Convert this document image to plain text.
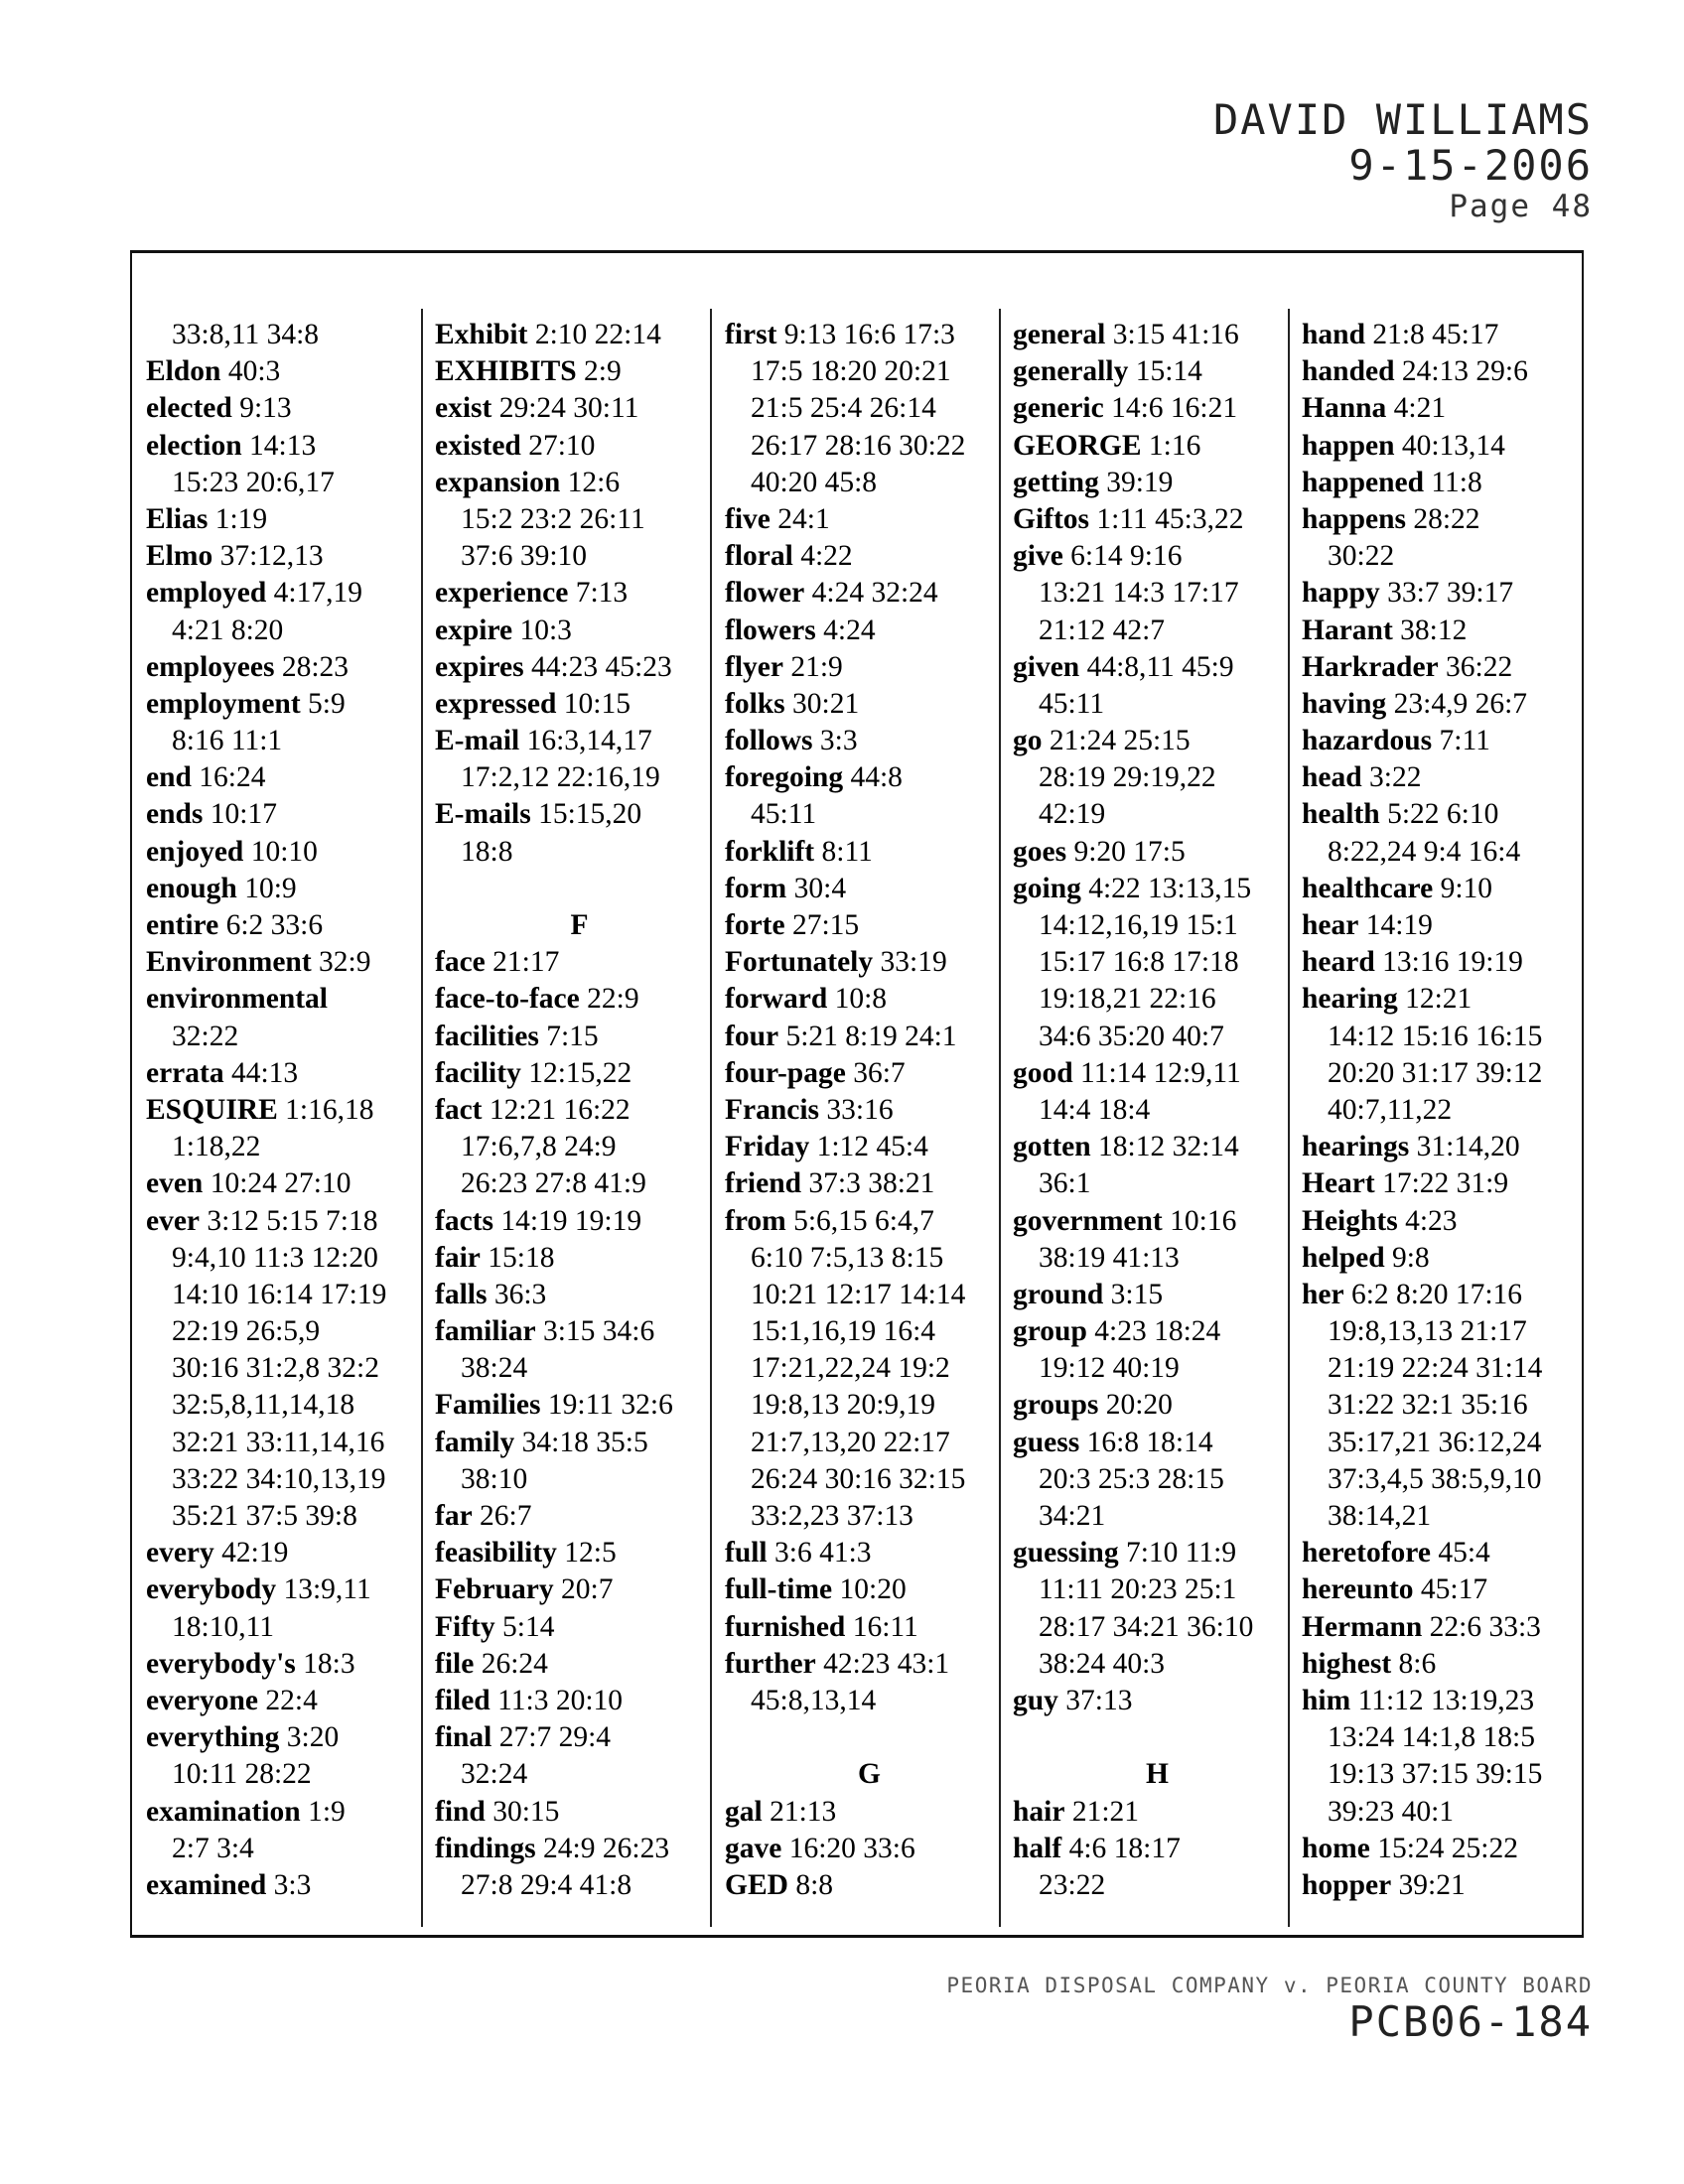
DAVID WILLIAMS
9-15-2006
Page 48
33:8,11 34:8
Eldon 40:3
elected 9:13
election 14:13
15:23 20:6,17
Elias 1:19
Elmo 37:12,13
employed 4:17,19
4:21 8:20
employees 28:23
employment 5:9
8:16 11:1
end 16:24
ends 10:17
enjoyed 10:10
enough 10:9
entire 6:2 33:6
Environment 32:9
environmental
32:22
errata 44:13
ESQUIRE 1:16,18
1:18,22
even 10:24 27:10
ever 3:12 5:15 7:18
9:4,10 11:3 12:20
14:10 16:14 17:19
22:19 26:5,9
30:16 31:2,8 32:2
32:5,8,11,14,18
32:21 33:11,14,16
33:22 34:10,13,19
35:21 37:5 39:8
every 42:19
everybody 13:9,11
18:10,11
everybody's 18:3
everyone 22:4
everything 3:20
10:11 28:22
examination 1:9
2:7 3:4
examined 3:3
Exhibit 2:10 22:14
EXHIBITS 2:9
exist 29:24 30:11
existed 27:10
expansion 12:6
15:2 23:2 26:11
37:6 39:10
experience 7:13
expire 10:3
expires 44:23 45:23
expressed 10:15
E-mail 16:3,14,17
17:2,12 22:16,19
E-mails 15:15,20
18:8
F
face 21:17
face-to-face 22:9
facilities 7:15
facility 12:15,22
fact 12:21 16:22
17:6,7,8 24:9
26:23 27:8 41:9
facts 14:19 19:19
fair 15:18
falls 36:3
familiar 3:15 34:6
38:24
Families 19:11 32:6
family 34:18 35:5
38:10
far 26:7
feasibility 12:5
February 20:7
Fifty 5:14
file 26:24
filed 11:3 20:10
final 27:7 29:4
32:24
find 30:15
findings 24:9 26:23
27:8 29:4 41:8
first 9:13 16:6 17:3
17:5 18:20 20:21
21:5 25:4 26:14
26:17 28:16 30:22
40:20 45:8
five 24:1
floral 4:22
flower 4:24 32:24
flowers 4:24
flyer 21:9
folks 30:21
follows 3:3
foregoing 44:8
45:11
forklift 8:11
form 30:4
forte 27:15
Fortunately 33:19
forward 10:8
four 5:21 8:19 24:1
four-page 36:7
Francis 33:16
Friday 1:12 45:4
friend 37:3 38:21
from 5:6,15 6:4,7
6:10 7:5,13 8:15
10:21 12:17 14:14
15:1,16,19 16:4
17:21,22,24 19:2
19:8,13 20:9,19
21:7,13,20 22:17
26:24 30:16 32:15
33:2,23 37:13
full 3:6 41:3
full-time 10:20
furnished 16:11
further 42:23 43:1
45:8,13,14
G
gal 21:13
gave 16:20 33:6
GED 8:8
general 3:15 41:16
generally 15:14
generic 14:6 16:21
GEORGE 1:16
getting 39:19
Giftos 1:11 45:3,22
give 6:14 9:16
13:21 14:3 17:17
21:12 42:7
given 44:8,11 45:9
45:11
go 21:24 25:15
28:19 29:19,22
42:19
goes 9:20 17:5
going 4:22 13:13,15
14:12,16,19 15:1
15:17 16:8 17:18
19:18,21 22:16
34:6 35:20 40:7
good 11:14 12:9,11
14:4 18:4
gotten 18:12 32:14
36:1
government 10:16
38:19 41:13
ground 3:15
group 4:23 18:24
19:12 40:19
groups 20:20
guess 16:8 18:14
20:3 25:3 28:15
34:21
guessing 7:10 11:9
11:11 20:23 25:1
28:17 34:21 36:10
38:24 40:3
guy 37:13
H
hair 21:21
half 4:6 18:17
23:22
hand 21:8 45:17
handed 24:13 29:6
Hanna 4:21
happen 40:13,14
happened 11:8
happens 28:22
30:22
happy 33:7 39:17
Harant 38:12
Harkrader 36:22
having 23:4,9 26:7
hazardous 7:11
head 3:22
health 5:22 6:10
8:22,24 9:4 16:4
healthcare 9:10
hear 14:19
heard 13:16 19:19
hearing 12:21
14:12 15:16 16:15
20:20 31:17 39:12
40:7,11,22
hearings 31:14,20
Heart 17:22 31:9
Heights 4:23
helped 9:8
her 6:2 8:20 17:16
19:8,13,13 21:17
21:19 22:24 31:14
31:22 32:1 35:16
35:17,21 36:12,24
37:3,4,5 38:5,9,10
38:14,21
heretofore 45:4
hereunto 45:17
Hermann 22:6 33:3
highest 8:6
him 11:12 13:19,23
13:24 14:1,8 18:5
19:13 37:15 39:15
39:23 40:1
home 15:24 25:22
hopper 39:21
PEORIA DISPOSAL COMPANY v. PEORIA COUNTY BOARD
PCB06-184
